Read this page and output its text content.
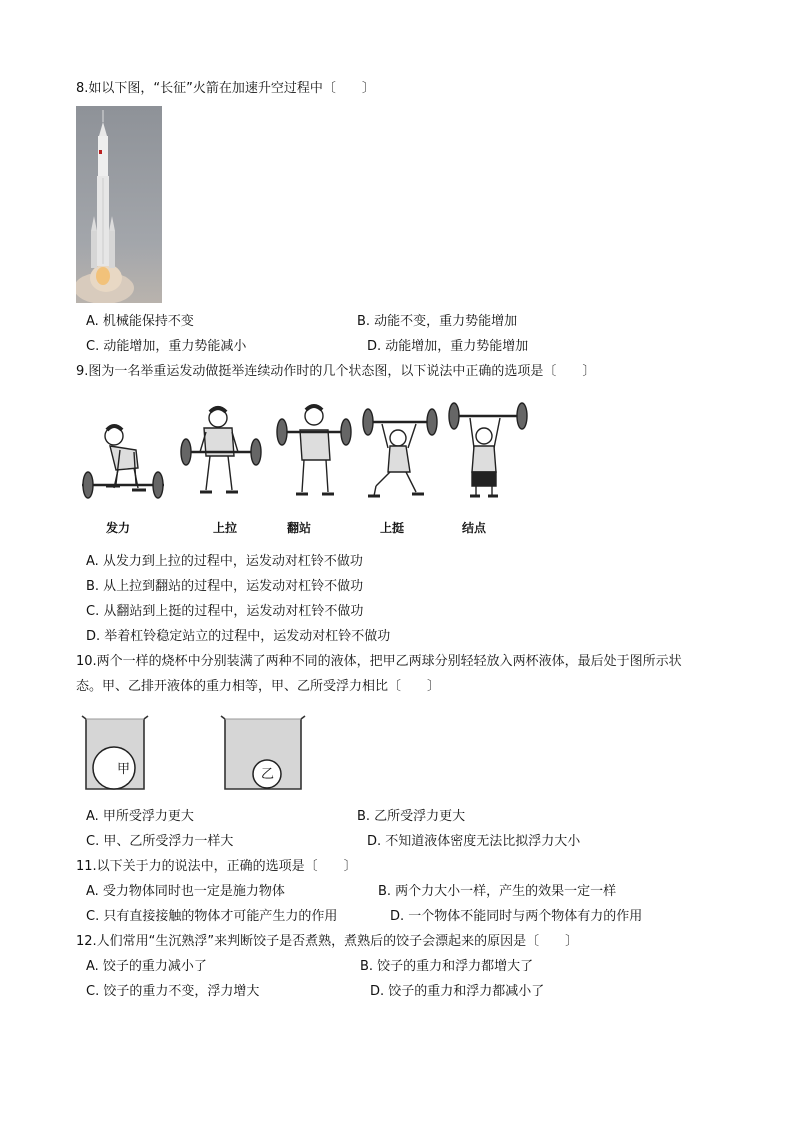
8.如以下图，“长征”火箭在加速升空过程中〔　　〕
A. 机械能保持不变	B. 动能不变，重力势能增加
C. 动能增加，重力势能减小	D. 动能增加，重力势能增加
9.图为一名举重运发动做挺举连续动作时的几个状态图，以下说法中正确的选项是〔　　〕
发力	上拉	翻站	上挺	结点
A. 从发力到上拉的过程中，运发动对杠铃不做功
B. 从上拉到翻站的过程中，运发动对杠铃不做功
C. 从翻站到上挺的过程中，运发动对杠铃不做功
D. 举着杠铃稳定站立的过程中，运发动对杠铃不做功
10.两个一样的烧杯中分别装满了两种不同的液体，把甲乙两球分别轻轻放入两杯液体，最后处于图所示状
态。甲、乙排开液体的重力相等，甲、乙所受浮力相比〔　　〕
甲	乙
A. 甲所受浮力更大	B. 乙所受浮力更大
C. 甲、乙所受浮力一样大	D. 不知道液体密度无法比拟浮力大小
11.以下关于力的说法中，正确的选项是〔　　〕
A. 受力物体同时也一定是施力物体	B. 两个力大小一样，产生的效果一定一样
C. 只有直接接触的物体才可能产生力的作用	D. 一个物体不能同时与两个物体有力的作用
12.人们常用“生沉熟浮”来判断饺子是否煮熟，煮熟后的饺子会漂起来的原因是〔　　〕
A. 饺子的重力减小了	B. 饺子的重力和浮力都增大了
C. 饺子的重力不变，浮力增大	D. 饺子的重力和浮力都减小了
